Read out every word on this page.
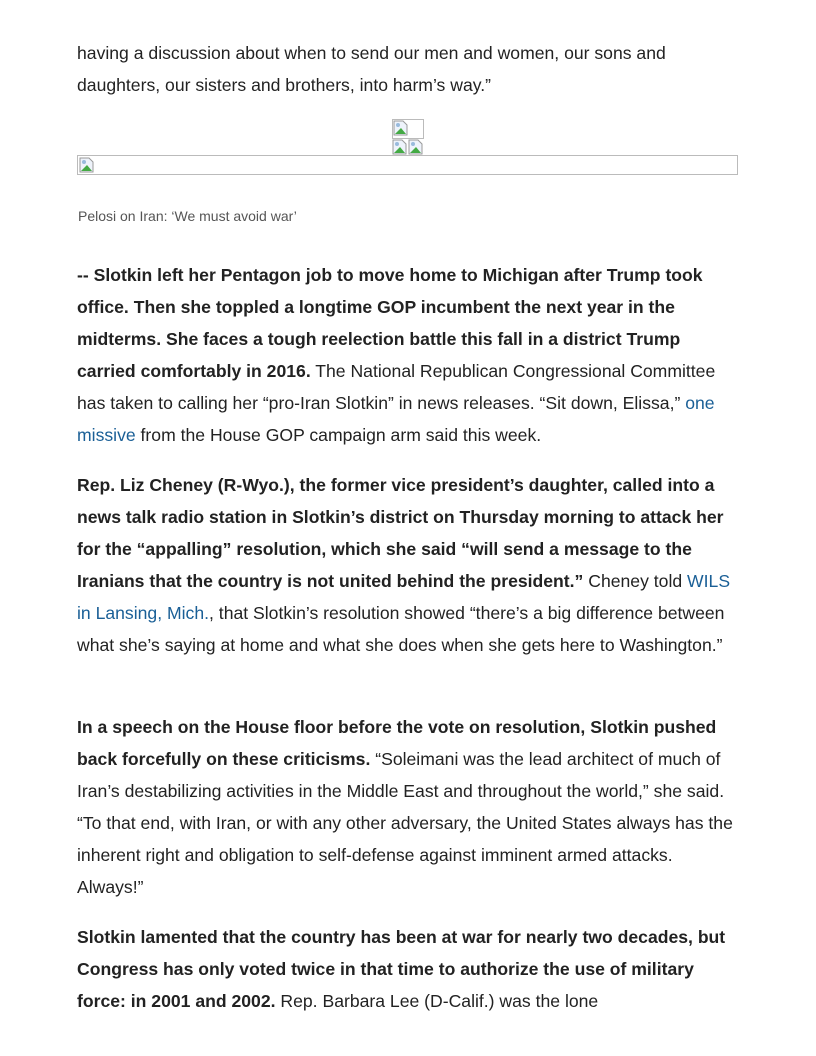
having a discussion about when to send our men and women, our sons and daughters, our sisters and brothers, into harm’s way.”

Pelosi on Iran: ‘We must avoid war’

-- Slotkin left her Pentagon job to move home to Michigan after Trump took office. Then she toppled a longtime GOP incumbent the next year in the midterms. She faces a tough reelection battle this fall in a district Trump carried comfortably in 2016. The National Republican Congressional Committee has taken to calling her “pro-Iran Slotkin” in news releases. “Sit down, Elissa,” one missive from the House GOP campaign arm said this week.

Rep. Liz Cheney (R-Wyo.), the former vice president’s daughter, called into a news talk radio station in Slotkin’s district on Thursday morning to attack her for the “appalling” resolution, which she said “will send a message to the Iranians that the country is not united behind the president.” Cheney told WILS in Lansing, Mich., that Slotkin’s resolution showed “there’s a big difference between what she’s saying at home and what she does when she gets here to Washington.”

In a speech on the House floor before the vote on resolution, Slotkin pushed back forcefully on these criticisms. “Soleimani was the lead architect of much of Iran’s destabilizing activities in the Middle East and throughout the world,” she said. “To that end, with Iran, or with any other adversary, the United States always has the inherent right and obligation to self-defense against imminent armed attacks. Always!”

Slotkin lamented that the country has been at war for nearly two decades, but Congress has only voted twice in that time to authorize the use of military force: in 2001 and 2002. Rep. Barbara Lee (D-Calif.) was the lone
